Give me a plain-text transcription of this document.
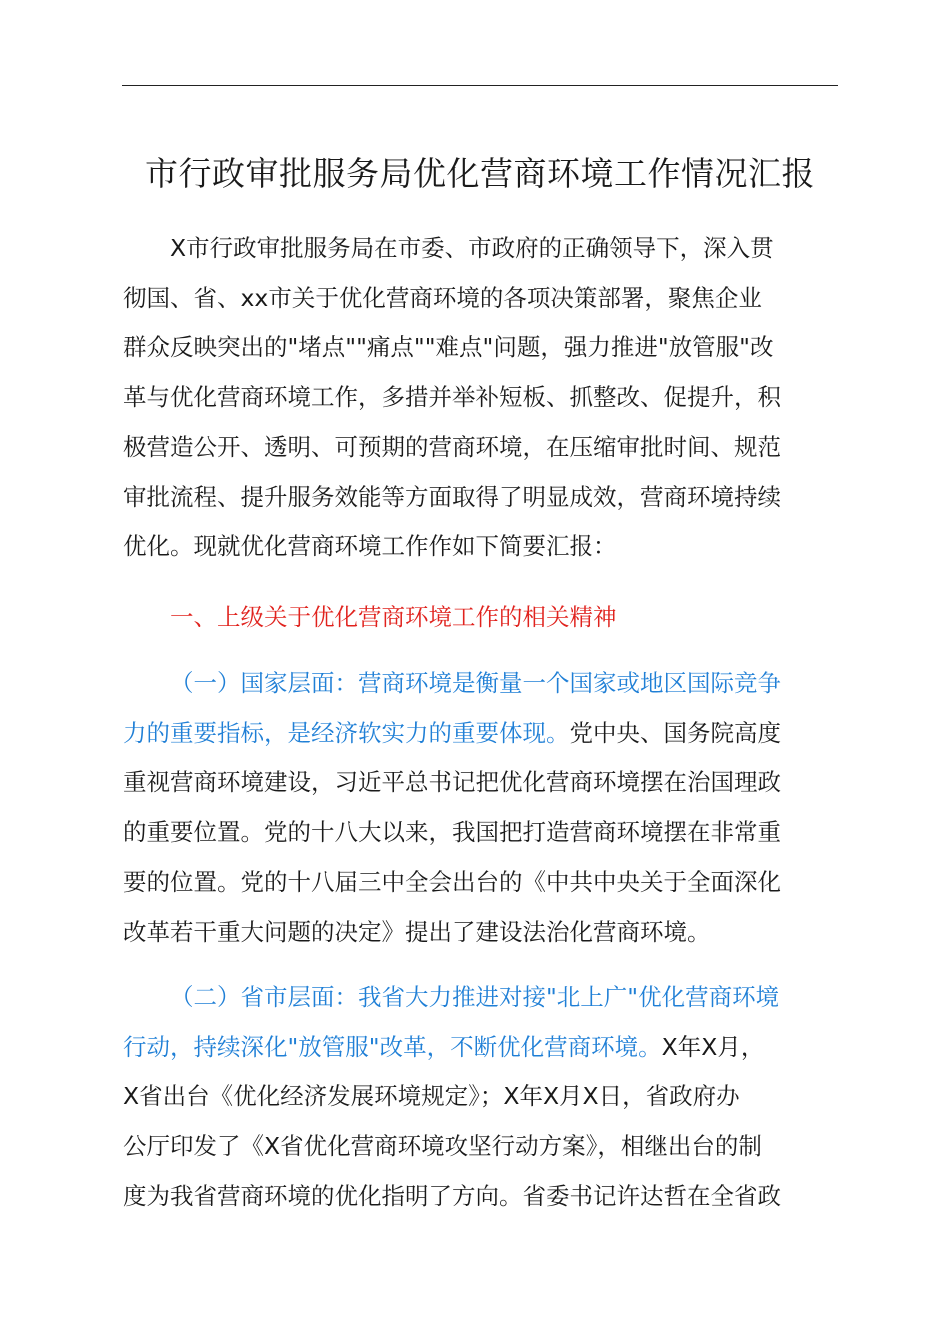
市行政审批服务局优化营商环境工作情况汇报

X市行政审批服务局在市委、市政府的正确领导下，深入贯
彻国、省、xx市关于优化营商环境的各项决策部署，聚焦企业
群众反映突出的"堵点""痛点""难点"问题，强力推进"放管服"改
革与优化营商环境工作，多措并举补短板、抓整改、促提升，积
极营造公开、透明、可预期的营商环境，在压缩审批时间、规范
审批流程、提升服务效能等方面取得了明显成效，营商环境持续
优化。现就优化营商环境工作作如下简要汇报：

一、上级关于优化营商环境工作的相关精神

（一）国家层面：营商环境是衡量一个国家或地区国际竞争
力的重要指标，是经济软实力的重要体现。党中央、国务院高度
重视营商环境建设，习近平总书记把优化营商环境摆在治国理政
的重要位置。党的十八大以来，我国把打造营商环境摆在非常重
要的位置。党的十八届三中全会出台的《中共中央关于全面深化
改革若干重大问题的决定》提出了建设法治化营商环境。

（二）省市层面：我省大力推进对接"北上广"优化营商环境
行动，持续深化"放管服"改革，不断优化营商环境。X年X月，
X省出台《优化经济发展环境规定》；X年X月X日，省政府办
公厅印发了《X省优化营商环境攻坚行动方案》，相继出台的制
度为我省营商环境的优化指明了方向。省委书记许达哲在全省政
